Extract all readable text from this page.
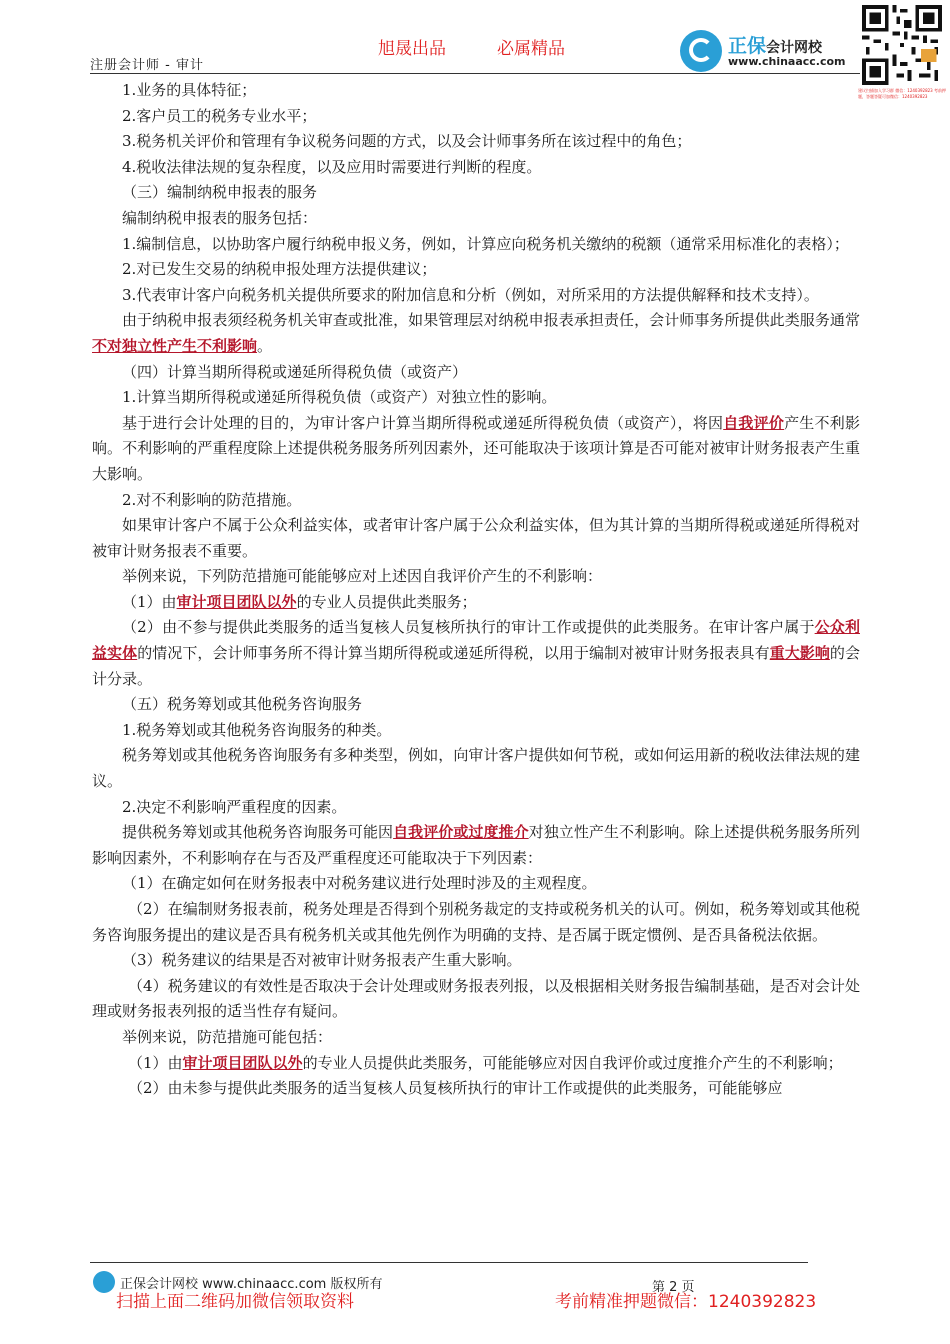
旭晟出品	必属精品
注册会计师 - 审计
正保会计网校
www.chinaacc.com
建议扫描加入学习群 微信：1240392823 考前押题，答题答疑可加微信：1240392823

1.业务的具体特征；

2.客户员工的税务专业水平；

3.税务机关评价和管理有争议税务问题的方式，以及会计师事务所在该过程中的角色；

4.税收法律法规的复杂程度，以及应用时需要进行判断的程度。

（三）编制纳税申报表的服务

编制纳税申报表的服务包括：

1.编制信息，以协助客户履行纳税申报义务，例如，计算应向税务机关缴纳的税额（通常采用标准化的表格）；

2.对已发生交易的纳税申报处理方法提供建议；

3.代表审计客户向税务机关提供所要求的附加信息和分析（例如，对所采用的方法提供解释和技术支持）。

由于纳税申报表须经税务机关审查或批准，如果管理层对纳税申报表承担责任，会计师事务所提供此类服务通常不对独立性产生不利影响。

（四）计算当期所得税或递延所得税负债（或资产）

1.计算当期所得税或递延所得税负债（或资产）对独立性的影响。

基于进行会计处理的目的，为审计客户计算当期所得税或递延所得税负债（或资产），将因自我评价产生不利影响。不利影响的严重程度除上述提供税务服务所列因素外，还可能取决于该项计算是否可能对被审计财务报表产生重大影响。

2.对不利影响的防范措施。

如果审计客户不属于公众利益实体，或者审计客户属于公众利益实体，但为其计算的当期所得税或递延所得税对被审计财务报表不重要。

举例来说，下列防范措施可能能够应对上述因自我评价产生的不利影响：

（1）由审计项目团队以外的专业人员提供此类服务；

（2）由不参与提供此类服务的适当复核人员复核所执行的审计工作或提供的此类服务。在审计客户属于公众利益实体的情况下，会计师事务所不得计算当期所得税或递延所得税，以用于编制对被审计财务报表具有重大影响的会计分录。

（五）税务筹划或其他税务咨询服务

1.税务筹划或其他税务咨询服务的种类。

税务筹划或其他税务咨询服务有多种类型，例如，向审计客户提供如何节税，或如何运用新的税收法律法规的建议。

2.决定不利影响严重程度的因素。

提供税务筹划或其他税务咨询服务可能因自我评价或过度推介对独立性产生不利影响。除上述提供税务服务所列影响因素外，不利影响存在与否及严重程度还可能取决于下列因素：

（1）在确定如何在财务报表中对税务建议进行处理时涉及的主观程度。

（2）在编制财务报表前，税务处理是否得到个别税务裁定的支持或税务机关的认可。例如，税务筹划或其他税务咨询服务提出的建议是否具有税务机关或其他先例作为明确的支持、是否属于既定惯例、是否具备税法依据。

（3）税务建议的结果是否对被审计财务报表产生重大影响。

（4）税务建议的有效性是否取决于会计处理或财务报表列报，以及根据相关财务报告编制基础，是否对会计处理或财务报表列报的适当性存有疑问。

举例来说，防范措施可能包括：

（1）由审计项目团队以外的专业人员提供此类服务，可能能够应对因自我评价或过度推介产生的不利影响；

（2）由未参与提供此类服务的适当复核人员复核所执行的审计工作或提供的此类服务，可能能够应

正保会计网校 www.chinaacc.com 版权所有	第 2 页
扫描上面二维码加微信领取资料	考前精准押题微信：1240392823
